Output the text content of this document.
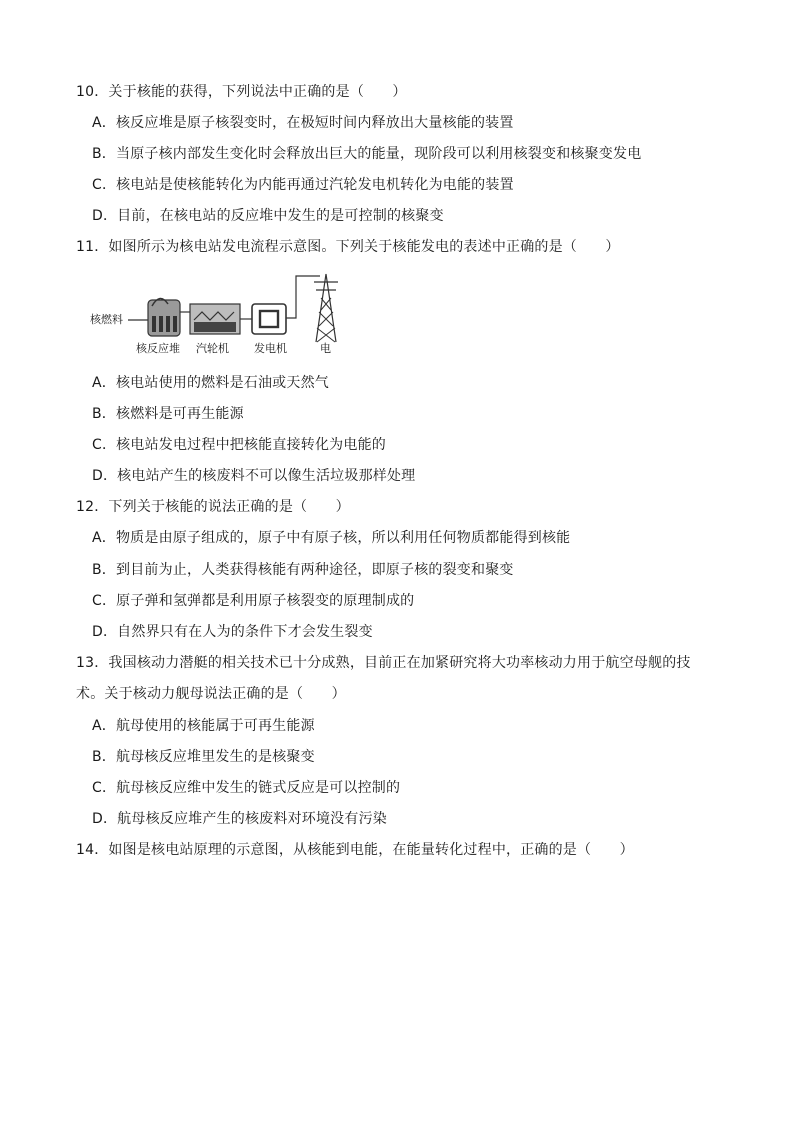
10．关于核能的获得，下列说法中正确的是（　　）
A．核反应堆是原子核裂变时，在极短时间内释放出大量核能的装置
B．当原子核内部发生变化时会释放出巨大的能量，现阶段可以利用核裂变和核聚变发电
C．核电站是使核能转化为内能再通过汽轮发电机转化为电能的装置
D．目前，在核电站的反应堆中发生的是可控制的核聚变
11．如图所示为核电站发电流程示意图。下列关于核能发电的表述中正确的是（　　）
核燃料
核反应堆 汽轮机 发电机	电
A．核电站使用的燃料是石油或天然气
B．核燃料是可再生能源
C．核电站发电过程中把核能直接转化为电能的
D．核电站产生的核废料不可以像生活垃圾那样处理
12．下列关于核能的说法正确的是（　　）
A．物质是由原子组成的，原子中有原子核，所以利用任何物质都能得到核能
B．到目前为止，人类获得核能有两种途径，即原子核的裂变和聚变
C．原子弹和氢弹都是利用原子核裂变的原理制成的
D．自然界只有在人为的条件下才会发生裂变
13．我国核动力潜艇的相关技术已十分成熟，目前正在加紧研究将大功率核动力用于航空母舰的技
术。关于核动力舰母说法正确的是（　　）
A．航母使用的核能属于可再生能源
B．航母核反应堆里发生的是核聚变
C．航母核反应维中发生的链式反应是可以控制的
D．航母核反应堆产生的核废料对环境没有污染
14．如图是核电站原理的示意图，从核能到电能，在能量转化过程中，正确的是（　　）
